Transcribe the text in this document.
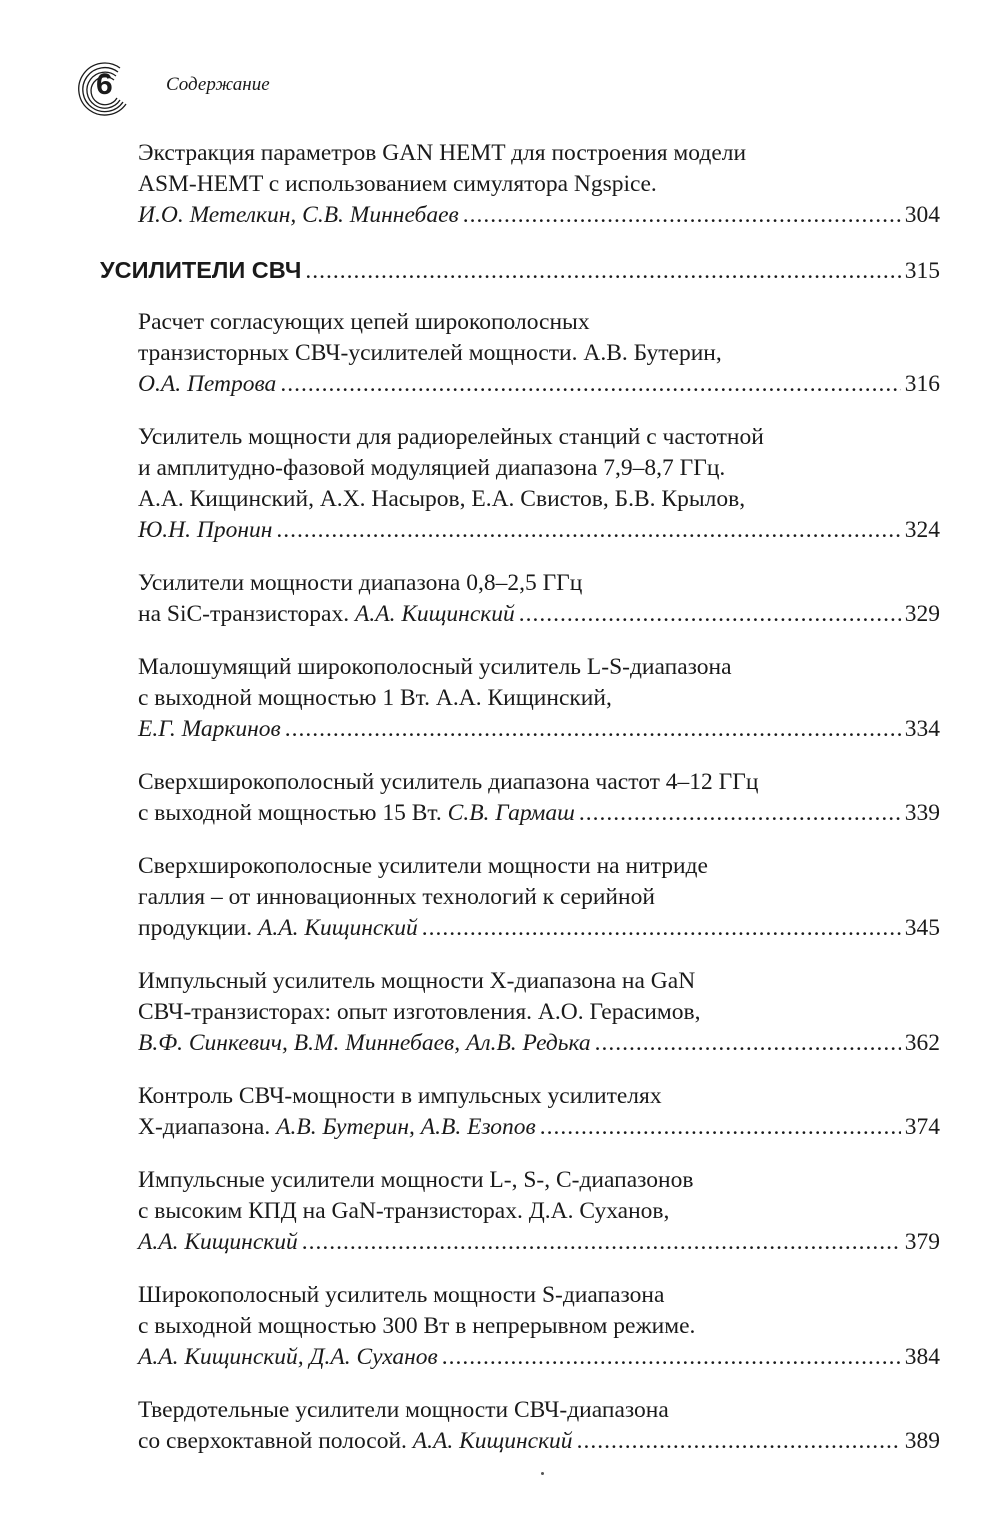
6	Содержание
Экстракция параметров GAN HEMT для построения модели
ASM-HEMT с использованием симулятора Ngspice.
И.О. Метелкин, С.В. Миннебаев .....	304
УСИЛИТЕЛИ СВЧ .....	315
Расчет согласующих цепей широкополосных
транзисторных СВЧ-усилителей мощности. А.В. Бутерин,
О.А. Петрова .....	316
Усилитель мощности для радиорелейных станций с частотной
и амплитудно-фазовой модуляцией диапазона 7,9–8,7 ГГц.
А.А. Кищинский, А.Х. Насыров, Е.А. Свистов, Б.В. Крылов,
Ю.Н. Пронин .....	324
Усилители мощности диапазона 0,8–2,5 ГГц
на SiC-транзисторах. А.А. Кищинский .....	329
Малошумящий широкополосный усилитель L-S-диапазона
с выходной мощностью 1 Вт. А.А. Кищинский,
Е.Г. Маркинов .....	334
Сверхширокополосный усилитель диапазона частот 4–12 ГГц
с выходной мощностью 15 Вт. С.В. Гармаш .....	339
Сверхширокополосные усилители мощности на нитриде
галлия – от инновационных технологий к серийной
продукции. А.А. Кищинский .....	345
Импульсный усилитель мощности X-диапазона на GaN
СВЧ-транзисторах: опыт изготовления. А.О. Герасимов,
В.Ф. Синкевич, В.М. Миннебаев, Ал.В. Редька .....	362
Контроль СВЧ-мощности в импульсных усилителях
X-диапазона. А.В. Бутерин, А.В. Езопов .....	374
Импульсные усилители мощности L-, S-, C-диапазонов
с высоким КПД на GaN-транзисторах. Д.А. Суханов,
А.А. Кищинский .....	379
Широкополосный усилитель мощности S-диапазона
с выходной мощностью 300 Вт в непрерывном режиме.
А.А. Кищинский, Д.А. Суханов .....	384
Твердотельные усилители мощности СВЧ-диапазона
со сверхоктавной полосой. А.А. Кищинский .....	389
